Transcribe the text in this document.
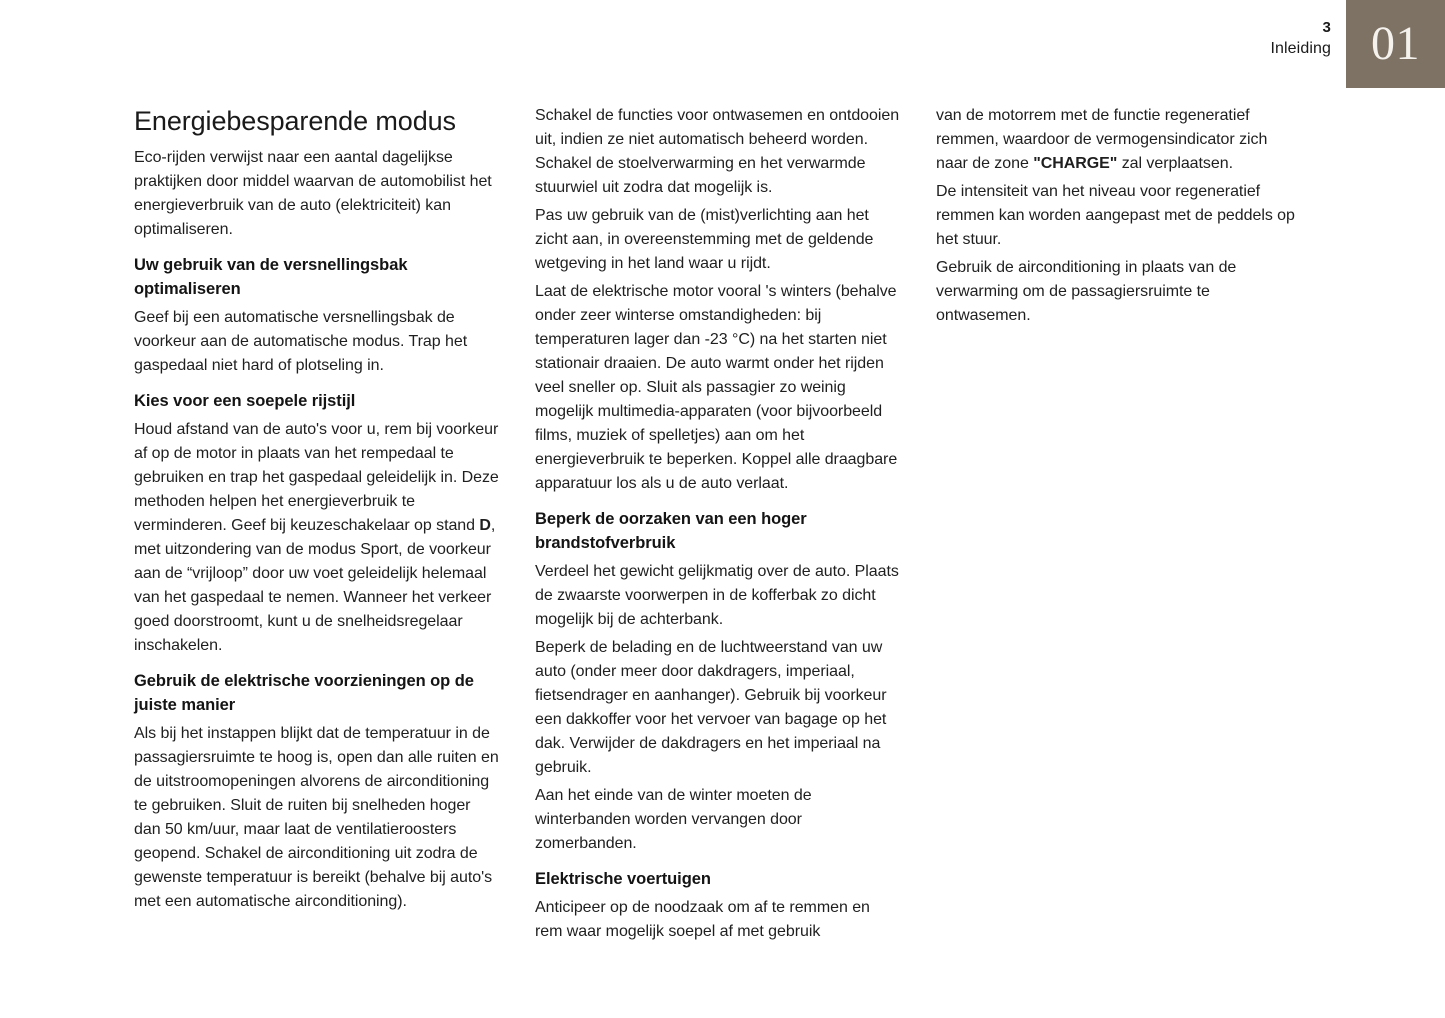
3
Inleiding 01
Energiebesparende modus

Eco-rijden verwijst naar een aantal dagelijkse praktijken door middel waarvan de automobilist het energieverbruik van de auto (elektriciteit) kan optimaliseren.

Uw gebruik van de versnellingsbak optimaliseren

Geef bij een automatische versnellingsbak de voorkeur aan de automatische modus. Trap het gaspedaal niet hard of plotseling in.

Kies voor een soepele rijstijl

Houd afstand van de auto's voor u, rem bij voorkeur af op de motor in plaats van het rempedaal te gebruiken en trap het gaspedaal geleidelijk in. Deze methoden helpen het energieverbruik te verminderen. Geef bij keuzeschakelaar op stand D, met uitzondering van de modus Sport, de voorkeur aan de “vrijloop” door uw voet geleidelijk helemaal van het gaspedaal te nemen. Wanneer het verkeer goed doorstroomt, kunt u de snelheidsregelaar inschakelen.

Gebruik de elektrische voorzieningen op de juiste manier

Als bij het instappen blijkt dat de temperatuur in de passagiersruimte te hoog is, open dan alle ruiten en de uitstroomopeningen alvorens de airconditioning te gebruiken. Sluit de ruiten bij snelheden hoger dan 50 km/uur, maar laat de ventilatieroosters geopend. Schakel de airconditioning uit zodra de gewenste temperatuur is bereikt (behalve bij auto's met een automatische airconditioning).

Schakel de functies voor ontwasemen en ontdooien uit, indien ze niet automatisch beheerd worden. Schakel de stoelverwarming en het verwarmde stuurwiel uit zodra dat mogelijk is.

Pas uw gebruik van de (mist)verlichting aan het zicht aan, in overeenstemming met de geldende wetgeving in het land waar u rijdt.

Laat de elektrische motor vooral 's winters (behalve onder zeer winterse omstandigheden: bij temperaturen lager dan -23 °C) na het starten niet stationair draaien. De auto warmt onder het rijden veel sneller op. Sluit als passagier zo weinig mogelijk multimedia-apparaten (voor bijvoorbeeld films, muziek of spelletjes) aan om het energieverbruik te beperken. Koppel alle draagbare apparatuur los als u de auto verlaat.

Beperk de oorzaken van een hoger brandstofverbruik

Verdeel het gewicht gelijkmatig over de auto. Plaats de zwaarste voorwerpen in de kofferbak zo dicht mogelijk bij de achterbank.

Beperk de belading en de luchtweerstand van uw auto (onder meer door dakdragers, imperiaal, fietsendrager en aanhanger). Gebruik bij voorkeur een dakkoffer voor het vervoer van bagage op het dak. Verwijder de dakdragers en het imperiaal na gebruik.

Aan het einde van de winter moeten de winterbanden worden vervangen door zomerbanden.

Elektrische voertuigen

Anticipeer op de noodzaak om af te remmen en rem waar mogelijk soepel af met gebruik

van de motorrem met de functie regeneratief remmen, waardoor de vermogensindicator zich naar de zone "CHARGE" zal verplaatsen.

De intensiteit van het niveau voor regeneratief remmen kan worden aangepast met de peddels op het stuur.

Gebruik de airconditioning in plaats van de verwarming om de passagiersruimte te ontwasemen.
